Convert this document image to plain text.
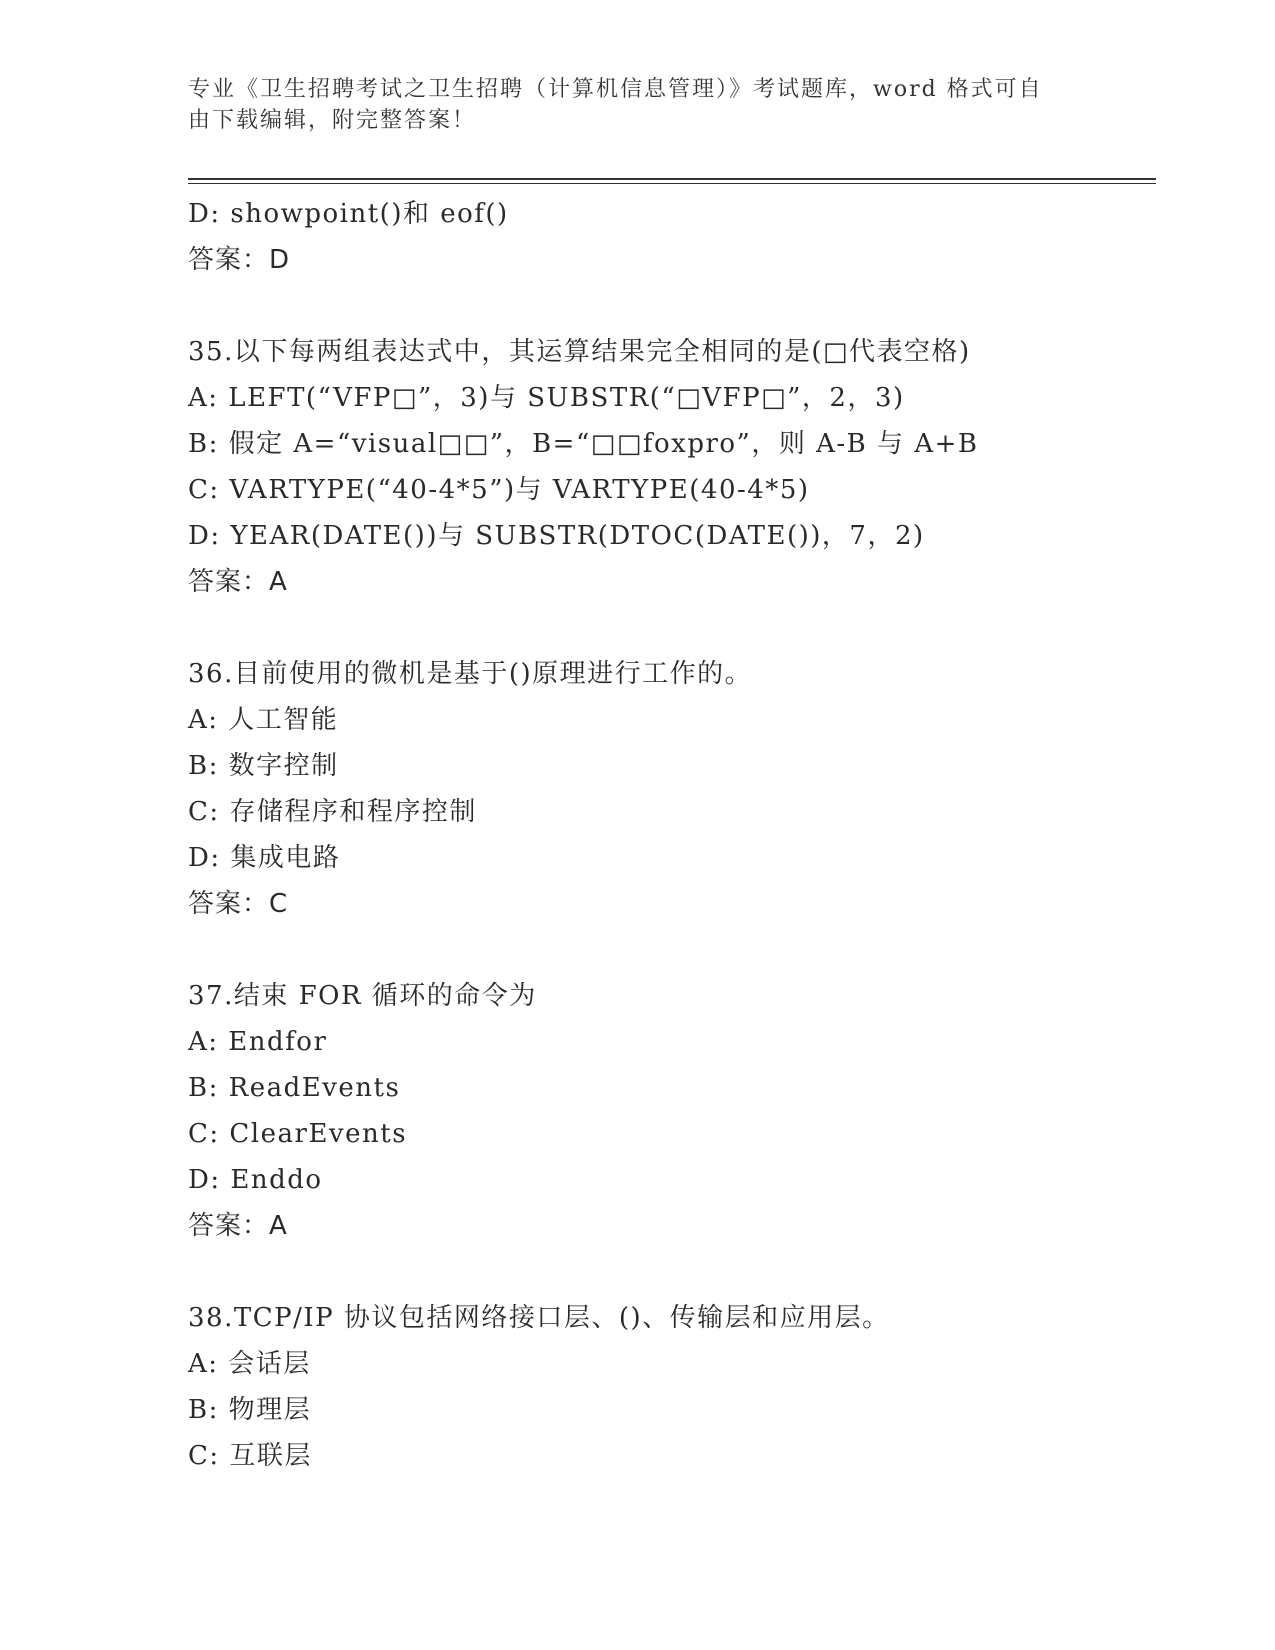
专业《卫生招聘考试之卫生招聘（计算机信息管理）》考试题库，word 格式可自
由下载编辑，附完整答案！
D: showpoint()和 eof()
答案：D
35.以下每两组表达式中，其运算结果完全相同的是(□代表空格)
A: LEFT(“VFP□”，3)与 SUBSTR(“□VFP□”，2，3)
B: 假定 A=“visual□□”，B=“□□foxpro”，则 A-B 与 A+B
C: VARTYPE(“40-4*5”)与 VARTYPE(40-4*5)
D: YEAR(DATE())与 SUBSTR(DTOC(DATE())，7，2)
答案：A
36.目前使用的微机是基于()原理进行工作的。
A: 人工智能
B: 数字控制
C: 存储程序和程序控制
D: 集成电路
答案：C
37.结束 FOR 循环的命令为
A: Endfor
B: ReadEvents
C: ClearEvents
D: Enddo
答案：A
38.TCP/IP 协议包括网络接口层、()、传输层和应用层。
A: 会话层
B: 物理层
C: 互联层
